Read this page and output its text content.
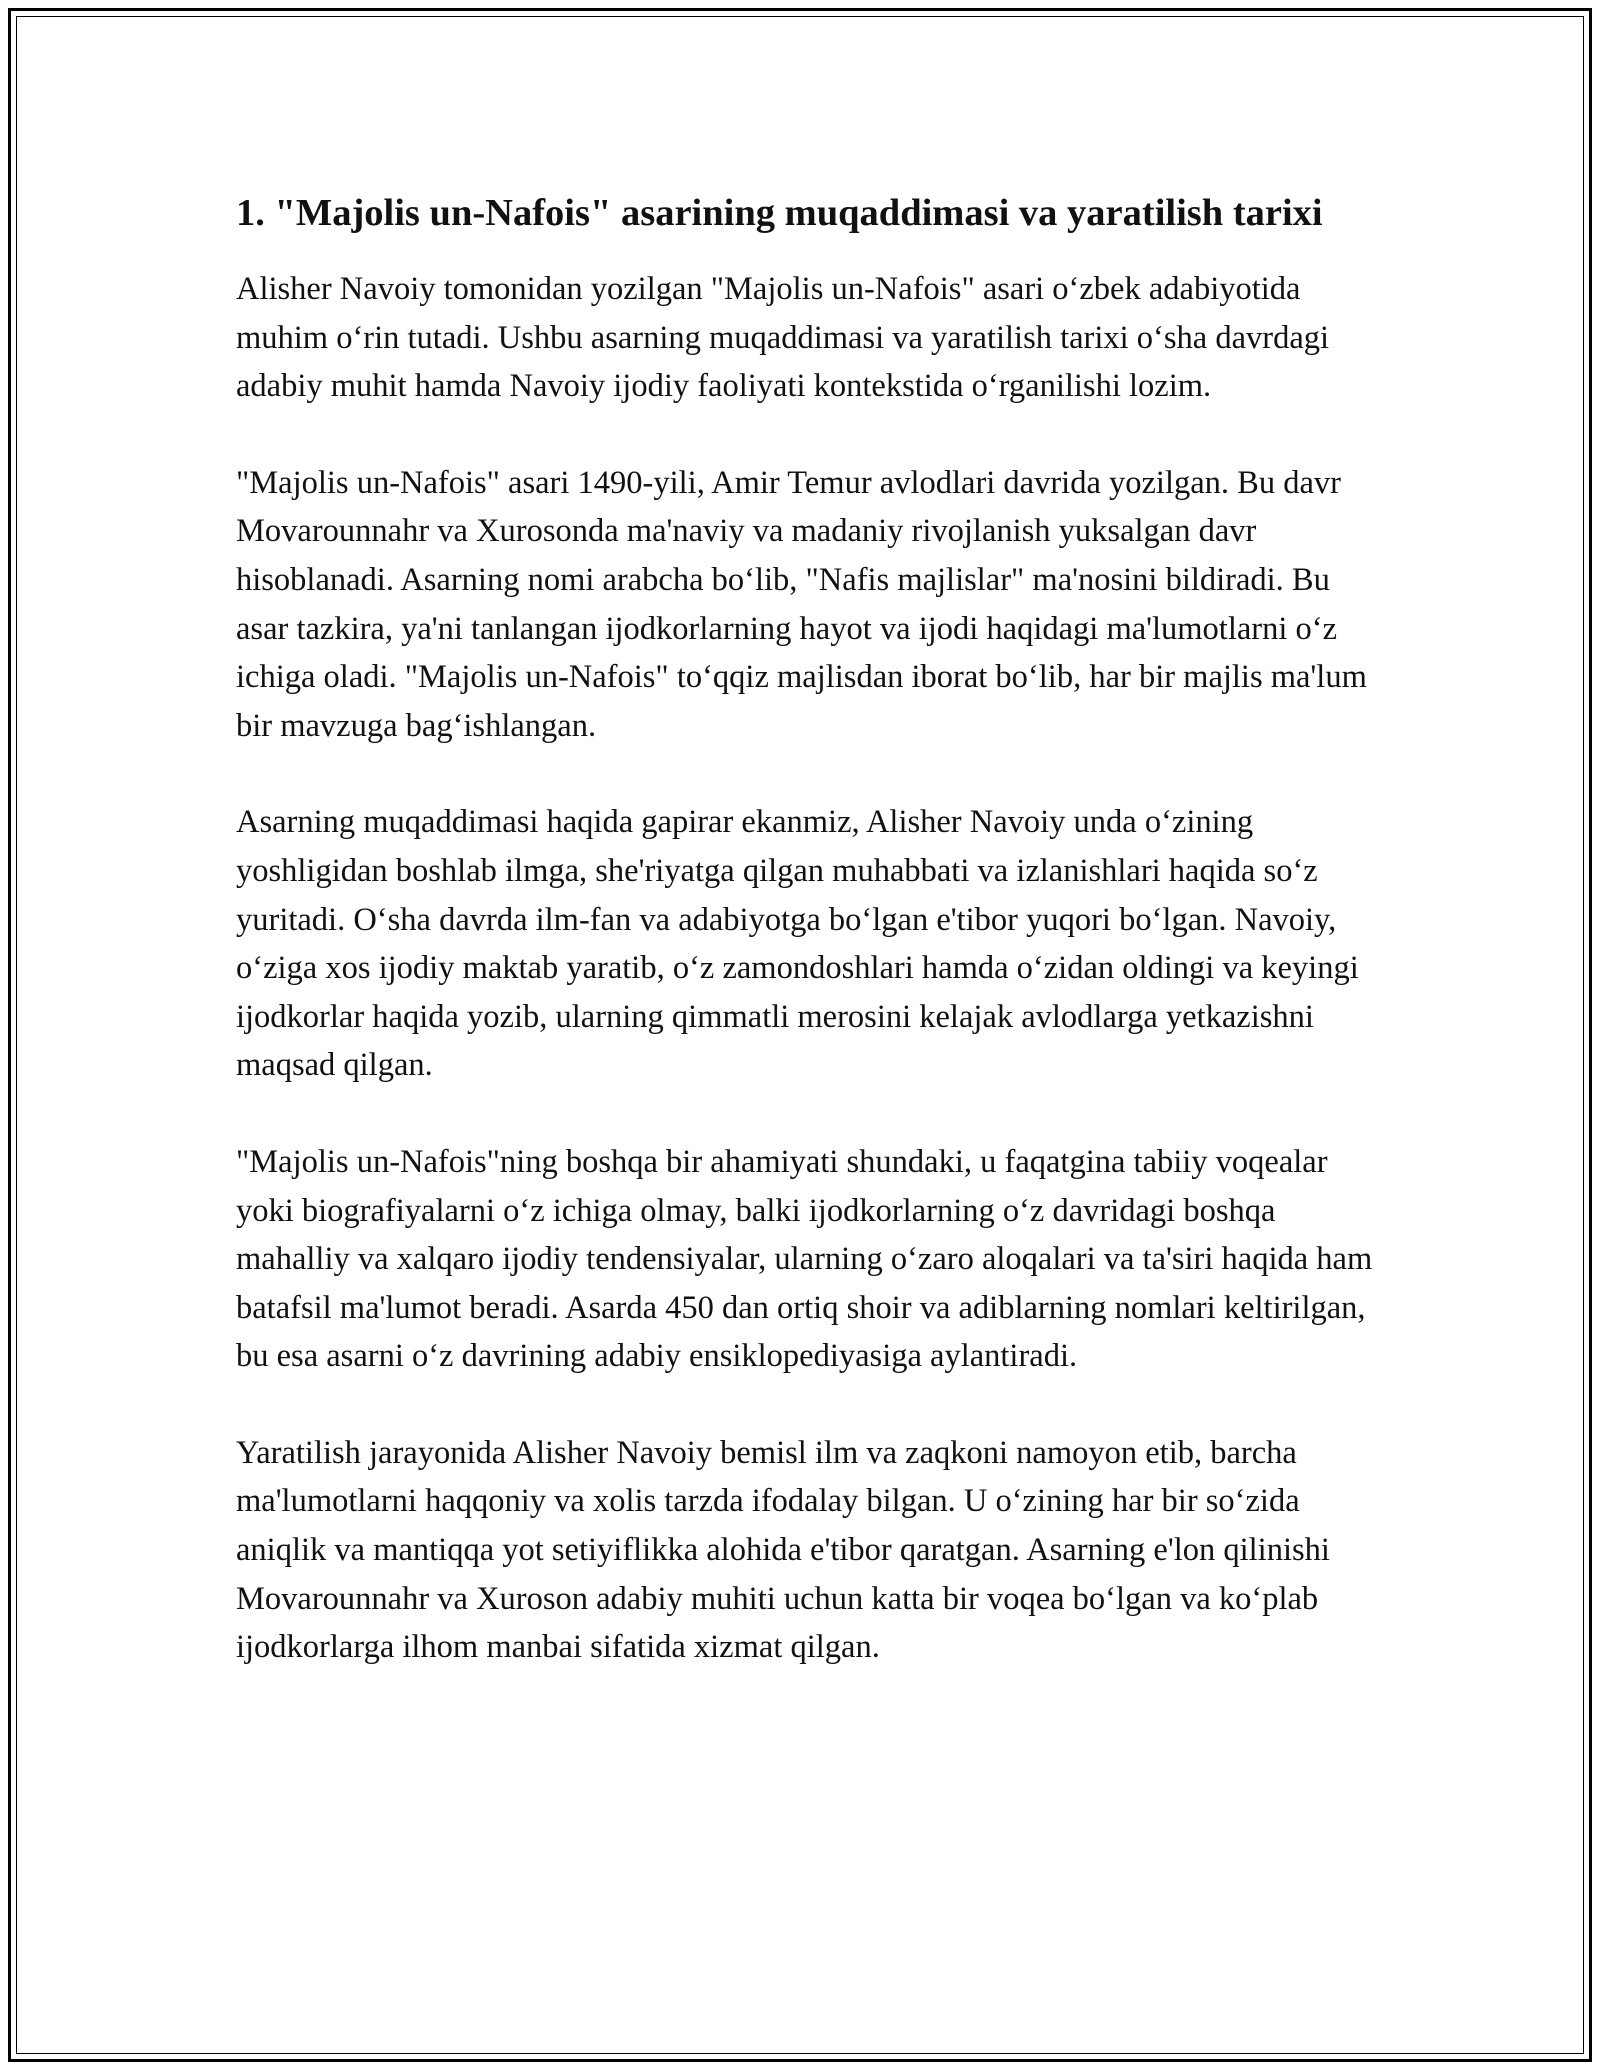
1. "Majolis un-Nafois" asarining muqaddimasi va yaratilish tarixi

Alisher Navoiy tomonidan yozilgan "Majolis un-Nafois" asari o‘zbek adabiyotida muhim o‘rin tutadi. Ushbu asarning muqaddimasi va yaratilish tarixi o‘sha davrdagi adabiy muhit hamda Navoiy ijodiy faoliyati kontekstida o‘rganilishi lozim.

"Majolis un-Nafois" asari 1490-yili, Amir Temur avlodlari davrida yozilgan. Bu davr Movarounnahr va Xurosonda ma'naviy va madaniy rivojlanish yuksalgan davr hisoblanadi. Asarning nomi arabcha bo‘lib, "Nafis majlislar" ma'nosini bildiradi. Bu asar tazkira, ya'ni tanlangan ijodkorlarning hayot va ijodi haqidagi ma'lumotlarni o‘z ichiga oladi. "Majolis un-Nafois" to‘qqiz majlisdan iborat bo‘lib, har bir majlis ma'lum bir mavzuga bag‘ishlangan.

Asarning muqaddimasi haqida gapirar ekanmiz, Alisher Navoiy unda o‘zining yoshligidan boshlab ilmga, she'riyatga qilgan muhabbati va izlanishlari haqida so‘z yuritadi. O‘sha davrda ilm-fan va adabiyotga bo‘lgan e'tibor yuqori bo‘lgan. Navoiy, o‘ziga xos ijodiy maktab yaratib, o‘z zamondoshlari hamda o‘zidan oldingi va keyingi ijodkorlar haqida yozib, ularning qimmatli merosini kelajak avlodlarga yetkazishni maqsad qilgan.

"Majolis un-Nafois"ning boshqa bir ahamiyati shundaki, u faqatgina tabiiy voqealar yoki biografiyalarni o‘z ichiga olmay, balki ijodkorlarning o‘z davridagi boshqa mahalliy va xalqaro ijodiy tendensiyalar, ularning o‘zaro aloqalari va ta'siri haqida ham batafsil ma'lumot beradi. Asarda 450 dan ortiq shoir va adiblarning nomlari keltirilgan, bu esa asarni o‘z davrining adabiy ensiklopediyasiga aylantiradi.

Yaratilish jarayonida Alisher Navoiy bemisl ilm va zaqkoni namoyon etib, barcha ma'lumotlarni haqqoniy va xolis tarzda ifodalay bilgan. U o‘zining har bir so‘zida aniqlik va mantiqqa yot setiyiflikka alohida e'tibor qaratgan. Asarning e'lon qilinishi Movarounnahr va Xuroson adabiy muhiti uchun katta bir voqea bo‘lgan va ko‘plab ijodkorlarga ilhom manbai sifatida xizmat qilgan.
